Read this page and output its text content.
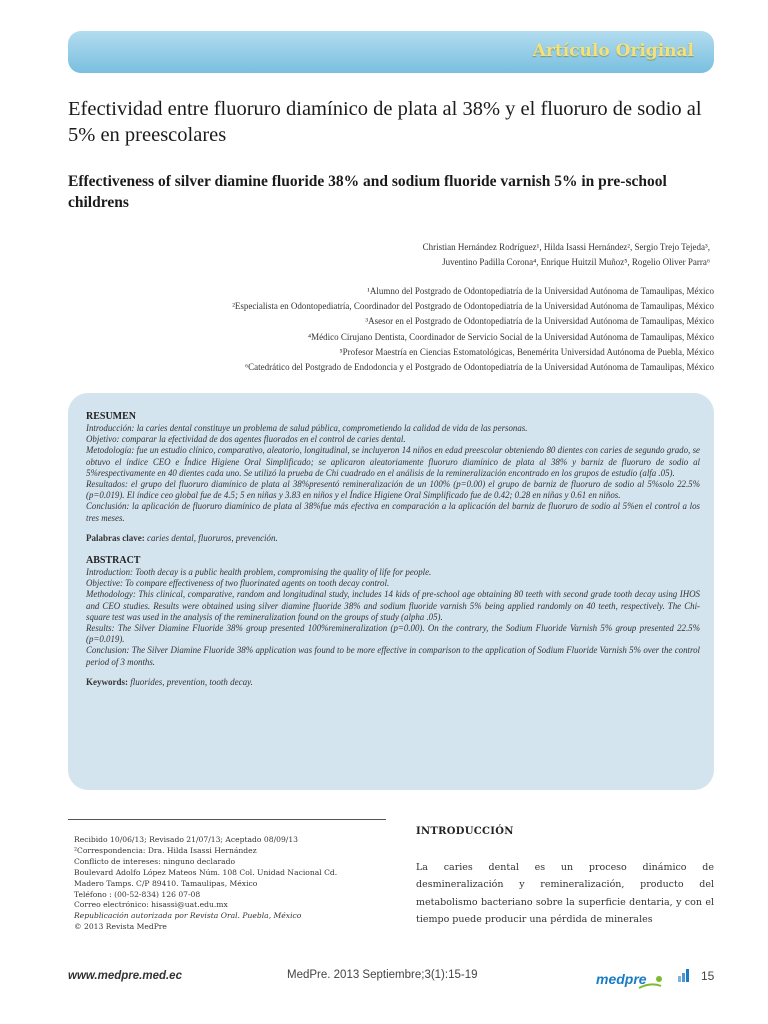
Artículo Original
Efectividad entre fluoruro diamínico de plata al 38% y el fluoruro de sodio al 5% en preescolares
Effectiveness of silver diamine fluoride 38% and sodium fluoride varnish 5% in pre-school childrens
Christian Hernández Rodríguez¹, Hilda Isassi Hernández², Sergio Trejo Tejeda³,
Juventino Padilla Corona⁴, Enrique Huitzil Muñoz⁵, Rogelio Oliver Parra⁶
¹Alumno del Postgrado de Odontopediatría de la Universidad Autónoma de Tamaulipas, México
²Especialista en Odontopediatría, Coordinador del Postgrado de Odontopediatría de la Universidad Autónoma de Tamaulipas, México
³Asesor en el Postgrado de Odontopediatría de la Universidad Autónoma de Tamaulipas, México
⁴Médico Cirujano Dentista, Coordinador de Servicio Social de la Universidad Autónoma de Tamaulipas, México
⁵Profesor Maestría en Ciencias Estomatológicas, Benemérita Universidad Autónoma de Puebla, México
⁶Catedrático del Postgrado de Endodoncia y el Postgrado de Odontopediatría de la Universidad Autónoma de Tamaulipas, México
RESUMEN
Introducción: la caries dental constituye un problema de salud pública, comprometiendo la calidad de vida de las personas.
Objetivo: comparar la efectividad de dos agentes fluorados en el control de caries dental.
Metodología: fue un estudio clínico, comparativo, aleatorio, longitudinal, se incluyeron 14 niños en edad preescolar obteniendo 80 dientes con caries de segundo grado, se obtuvo el índice CEO e Índice Higiene Oral Simplificado; se aplicaron aleatoriamente fluoruro diamínico de plata al 38% y barniz de fluoruro de sodio al 5%respectivamente en 40 dientes cada uno. Se utilizó la prueba de Chi cuadrado en el análisis de la remineralización encontrado en los grupos de estudio (alfa .05).
Resultados: el grupo del fluoruro diamínico de plata al 38%presentó remineralización de un 100% (p=0.00) el grupo de barniz de fluoruro de sodio al 5%solo 22.5%(p=0.019). El índice ceo global fue de 4.5; 5 en niñas y 3.83 en niños y el Índice Higiene Oral Simplificado fue de 0.42; 0.28 en niñas y 0.61 en niños.
Conclusión: la aplicación de fluoruro diamínico de plata al 38%fue más efectiva en comparación a la aplicación del barniz de fluoruro de sodio al 5%en el control a los tres meses.
Palabras clave: caries dental, fluoruros, prevención.
ABSTRACT
Introduction: Tooth decay is a public health problem, compromising the quality of life for people.
Objective: To compare effectiveness of two fluorinated agents on tooth decay control.
Methodology: This clinical, comparative, random and longitudinal study, includes 14 kids of pre-school age obtaining 80 teeth with second grade tooth decay using IHOS and CEO studies. Results were obtained using silver diamine fluoride 38% and sodium fluoride varnish 5% being applied randomly on 40 teeth, respectively. The Chi-square test was used in the analysis of the remineralization found on the groups of study (alpha .05).
Results: The Silver Diamine Fluoride 38% group presented 100%remineralization (p=0.00). On the contrary, the Sodium Fluoride Varnish 5% group presented 22.5%(p=0.019).
Conclusion: The Silver Diamine Fluoride 38% application was found to be more effective in comparison to the application of Sodium Fluoride Varnish 5% over the control period of 3 months.
Keywords: fluorides, prevention, tooth decay.
Recibido 10/06/13; Revisado 21/07/13; Aceptado 08/09/13
²Correspondencia: Dra. Hilda Isassi Hernández
Conflicto de intereses: ninguno declarado
Boulevard Adolfo López Mateos Núm. 108 Col. Unidad Nacional Cd.
Madero Tamps. C/P 89410. Tamaulipas, México
Teléfono : (00-52-834) 126 07-08
Correo electrónico: hisassi@uat.edu.mx
Republicación autorizada por Revista Oral. Puebla, México
© 2013 Revista MedPre
INTRODUCCIÓN
La caries dental es un proceso dinámico de desmineralización y remineralización, producto del metabolismo bacteriano sobre la superficie dentaria, y con el tiempo puede producir una pérdida de minerales
www.medpre.med.ec	MedPre. 2013 Septiembre;3(1):15-19	medpre	15
